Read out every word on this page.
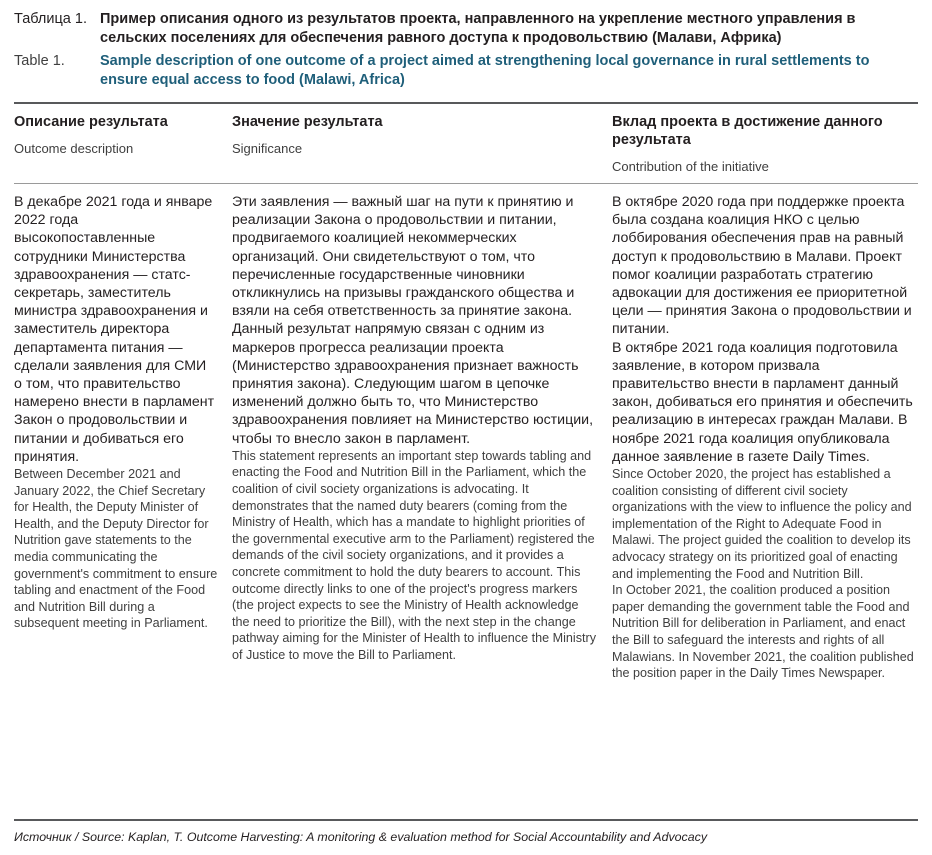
Таблица 1. Пример описания одного из результатов проекта, направленного на укрепление местного управления в сельских поселениях для обеспечения равного доступа к продовольствию (Малави, Африка)
Table 1.	Sample description of one outcome of a project aimed at strengthening local governance in rural settlements to ensure equal access to food (Malawi, Africa)

Описание результата

Outcome description

Значение результата

Significance

Вклад проекта в достижение данного результата

Contribution of the initiative

В декабре 2021 года и январе 2022 года высокопоставленные сотрудники Министерства здравоохранения — статс-секретарь, заместитель министра здравоохранения и заместитель директора департамента питания — сделали заявления для СМИ о том, что правительство намерено внести в парламент Закон о продовольствии и питании и добиваться его принятия.

Between December 2021 and January 2022, the Chief Secretary for Health, the Deputy Minister of Health, and the Deputy Director for Nutrition gave statements to the media communicating the government's commitment to ensure tabling and enactment of the Food and Nutrition Bill during a subsequent meeting in Parliament.

Эти заявления — важный шаг на пути к принятию и реализации Закона о продовольствии и питании, продвигаемого коалицией некоммерческих организаций. Они свидетельствуют о том, что перечисленные государственные чиновники откликнулись на призывы гражданского общества и взяли на себя ответственность за принятие закона. Данный результат напрямую связан с одним из маркеров прогресса реализации проекта (Министерство здравоохранения признает важность принятия закона). Следующим шагом в цепочке изменений должно быть то, что Министерство здравоохранения повлияет на Министерство юстиции, чтобы то внесло закон в парламент.

This statement represents an important step towards tabling and enacting the Food and Nutrition Bill in the Parliament, which the coalition of civil society organizations is advocating. It demonstrates that the named duty bearers (coming from the Ministry of Health, which has a mandate to highlight priorities of the governmental executive arm to the Parliament) registered the demands of the civil society organizations, and it provides a concrete commitment to hold the duty bearers to account. This outcome directly links to one of the project's progress markers (the project expects to see the Ministry of Health acknowledge the need to prioritize the Bill), with the next step in the change pathway aiming for the Minister of Health to influence the Ministry of Justice to move the Bill to Parliament.

В октябре 2020 года при поддержке проекта была создана коалиция НКО с целью лоббирования обеспечения прав на равный доступ к продовольствию в Малави. Проект помог коалиции разработать стратегию адвокации для достижения ее приоритетной цели — принятия Закона о продовольствии и питании.
В октябре 2021 года коалиция подготовила заявление, в котором призвала правительство внести в парламент данный закон, добиваться его принятия и обеспечить реализацию в интересах граждан Малави. В ноябре 2021 года коалиция опубликовала данное заявление в газете Daily Times.

Since October 2020, the project has established a coalition consisting of different civil society organizations with the view to influence the policy and implementation of the Right to Adequate Food in Malawi. The project guided the coalition to develop its advocacy strategy on its prioritized goal of enacting and implementing the Food and Nutrition Bill.
In October 2021, the coalition produced a position paper demanding the government table the Food and Nutrition Bill for deliberation in Parliament, and enact the Bill to safeguard the interests and rights of all Malawians. In November 2021, the coalition published the position paper in the Daily Times Newspaper.

Источник / Source: Kaplan, T. Outcome Harvesting: A monitoring & evaluation method for Social Accountability and Advocacy
